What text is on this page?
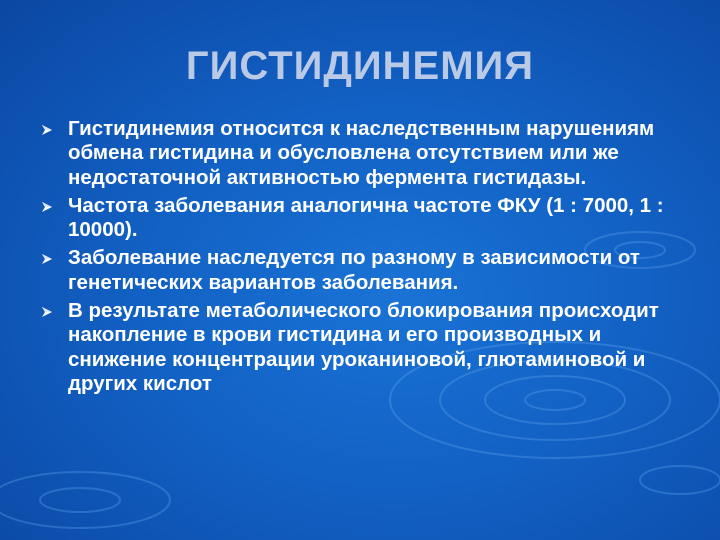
ГИСТИДИНЕМИЯ
Гистидинемия относится к наследственным нарушениям обмена гистидина и обусловлена отсутствием или же недостаточной активностью фермента гистидазы.
Частота заболевания аналогична частоте ФКУ (1 : 7000, 1 : 10000).
Заболевание наследуется по разному в зависимости от генетических вариантов заболевания.
В результате метаболического блокирования происходит накопление в крови гистидина и его производных и снижение концентрации уроканиновой, глютаминовой и других кислот
